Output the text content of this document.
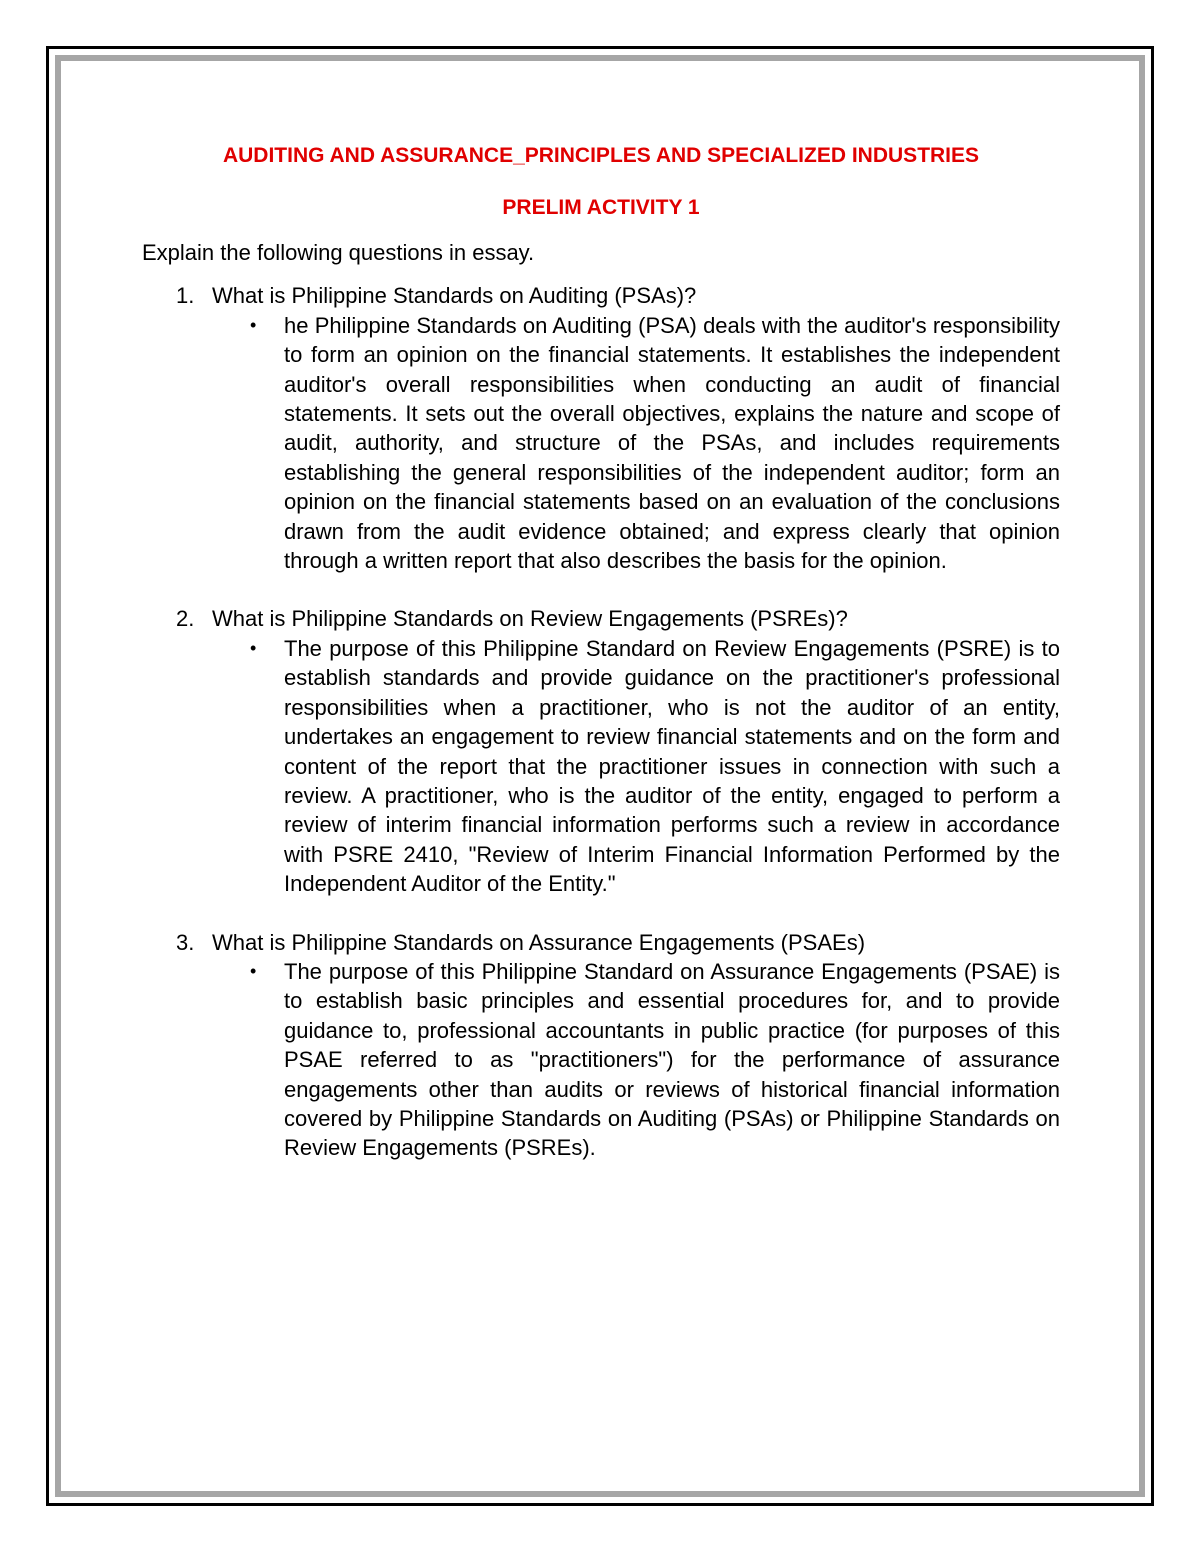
AUDITING AND ASSURANCE_PRINCIPLES AND SPECIALIZED INDUSTRIES
PRELIM ACTIVITY 1

Explain the following questions in essay.

1. What is Philippine Standards on Auditing (PSAs)?
• he Philippine Standards on Auditing (PSA) deals with the auditor's responsibility to form an opinion on the financial statements. It establishes the independent auditor's overall responsibilities when conducting an audit of financial statements. It sets out the overall objectives, explains the nature and scope of audit, authority, and structure of the PSAs, and includes requirements establishing the general responsibilities of the independent auditor; form an opinion on the financial statements based on an evaluation of the conclusions drawn from the audit evidence obtained; and express clearly that opinion through a written report that also describes the basis for the opinion.
2. What is Philippine Standards on Review Engagements (PSREs)?
• The purpose of this Philippine Standard on Review Engagements (PSRE) is to establish standards and provide guidance on the practitioner's professional responsibilities when a practitioner, who is not the auditor of an entity, undertakes an engagement to review financial statements and on the form and content of the report that the practitioner issues in connection with such a review. A practitioner, who is the auditor of the entity, engaged to perform a review of interim financial information performs such a review in accordance with PSRE 2410, "Review of Interim Financial Information Performed by the Independent Auditor of the Entity."
3. What is Philippine Standards on Assurance Engagements (PSAEs)
• The purpose of this Philippine Standard on Assurance Engagements (PSAE) is to establish basic principles and essential procedures for, and to provide guidance to, professional accountants in public practice (for purposes of this PSAE referred to as "practitioners") for the performance of assurance engagements other than audits or reviews of historical financial information covered by Philippine Standards on Auditing (PSAs) or Philippine Standards on Review Engagements (PSREs).
